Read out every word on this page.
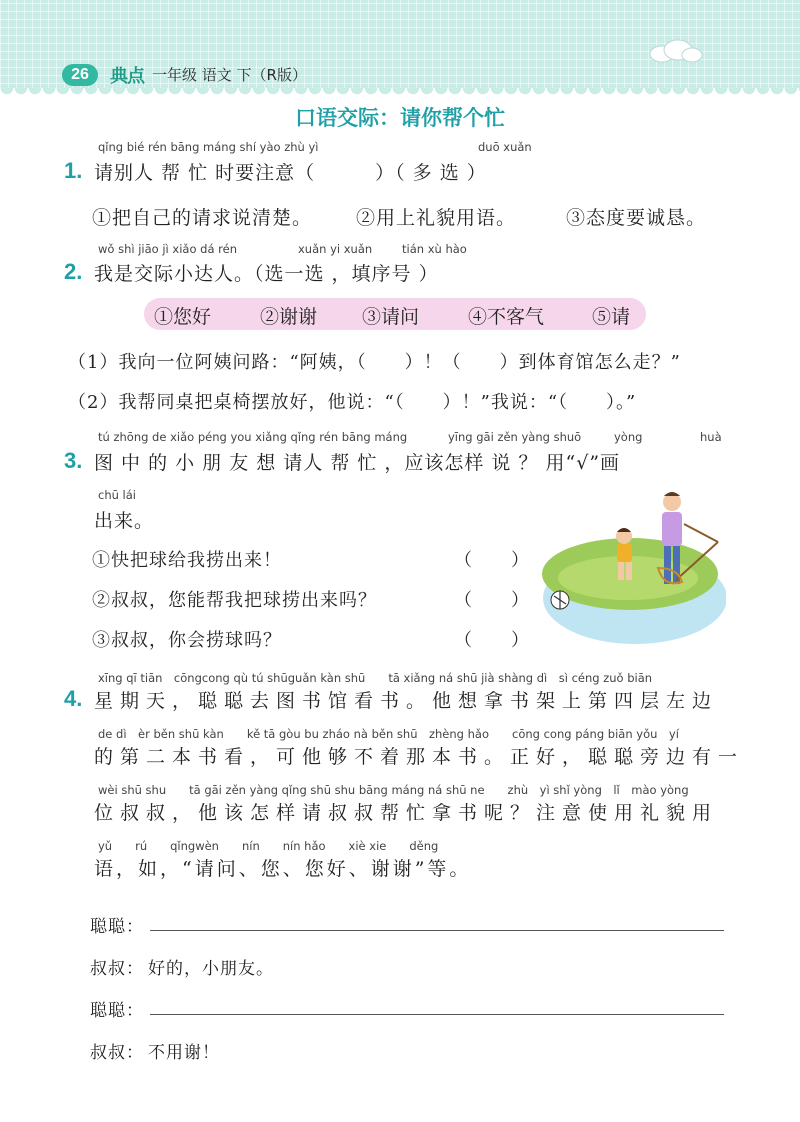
26	典点 一年级 语文 下（R版）
口语交际：请你帮个忙
qǐng bié rén bāng máng shí yào zhù yì	duō xuǎn
1. 请别人 帮 忙 时要注意（　　　）（ 多 选 ）
①把自己的请求说清楚。 ②用上礼貌用语。	③态度要诚恳。
wǒ shì jiāo jì xiǎo dá rén	xuǎn yi xuǎn	tián xù hào
2. 我是交际小达人。（选一选 ，填序号 ）
①您好	②谢谢 ③请问	④不客气	⑤请
（1）我向一位阿姨问路：“阿姨，（　　）！（　　）到体育馆怎么走？”
（2）我帮同桌把桌椅摆放好，他说：“（　　）！”我说：“（　　）。”
tú zhōng de xiǎo péng you xiǎng qǐng rén bāng máng	yīng gāi zěn yàng shuō	yòng	huà
3. 图 中 的 小 朋 友 想 请人 帮 忙 ，应该怎样 说 ？ 用“√”画
chū lái
出来。
①快把球给我捞出来！	（　　）
②叔叔，您能帮我把球捞出来吗？	（　　）
③叔叔，你会捞球吗？	（　　）
xīng qī tiān　cōngcong qù tú shūguǎn kàn shū　　tā xiǎng ná shū jià shàng dì　sì céng zuǒ biān
4. 星期天，聪聪去图书馆看书。他想拿书架上第四层左边
de dì　èr běn shū kàn　　kě tā gòu bu zháo nà běn shū　zhèng hǎo　　cōng cong páng biān yǒu　yí
的第二本书看，可他够不着那本书。正好，聪聪旁边有一
wèi shū shu　　tā gāi zěn yàng qǐng shū shu bāng máng ná shū ne　　zhù　yì shǐ yòng　lǐ　mào yòng
位叔叔，他该怎样请叔叔帮忙拿书呢？注意使用礼貌用
yǔ　　rú　　qǐngwèn　　nín　　nín hǎo　　xiè xie　　děng
语，如，“请问、您、您好、谢谢”等。
聪聪：
叔叔： 好的，小朋友。
聪聪：
叔叔： 不用谢！
